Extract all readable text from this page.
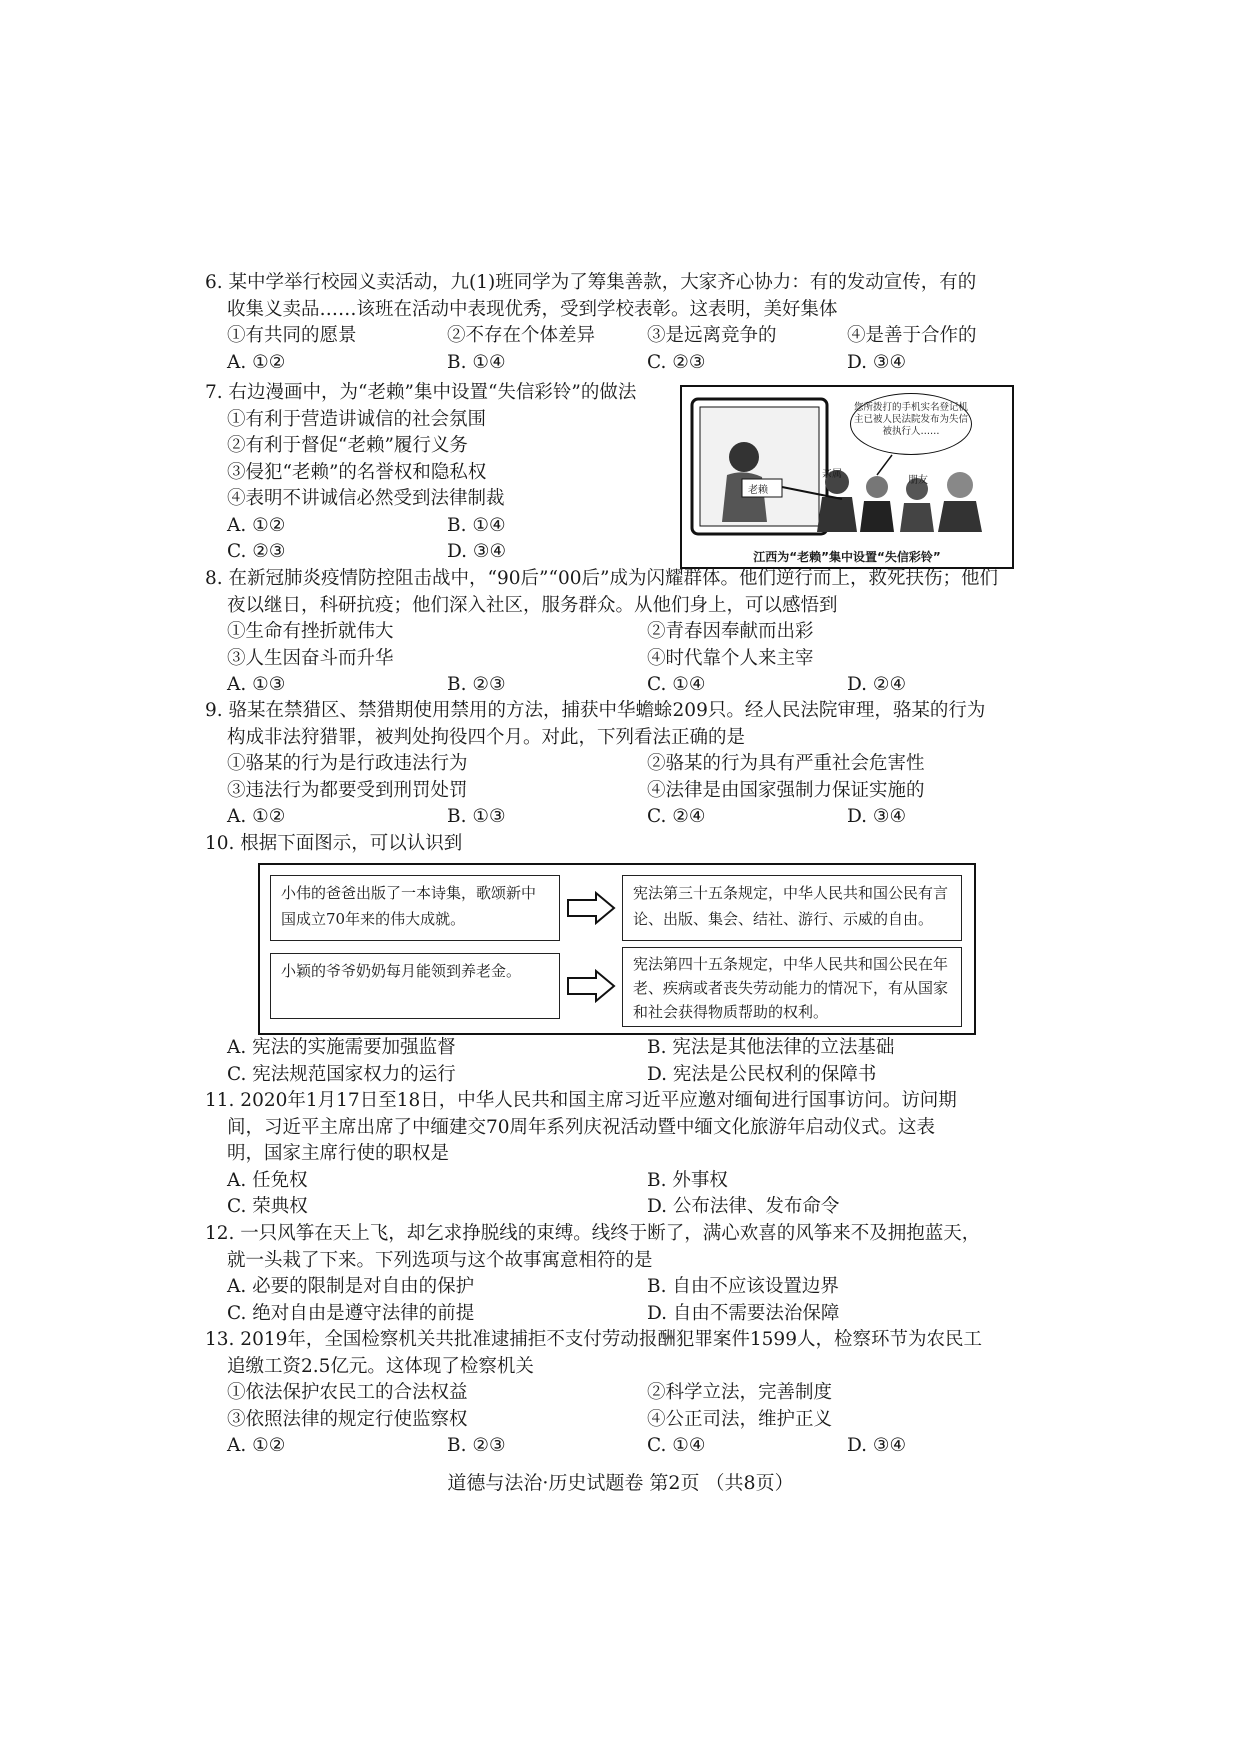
6. 某中学举行校园义卖活动，九(1)班同学为了筹集善款，大家齐心协力：有的发动宣传，有的
收集义卖品……该班在活动中表现优秀，受到学校表彰。这表明，美好集体
①有共同的愿景	②不存在个体差异	③是远离竞争的	④是善于合作的
A. ①②	B. ①④	C. ②③	D. ③④
7. 右边漫画中，为“老赖”集中设置“失信彩铃”的做法
①有利于营造讲诚信的社会氛围
②有利于督促“老赖”履行义务
③侵犯“老赖”的名誉权和隐私权
④表明不讲诚信必然受到法律制裁
A. ①②	B. ①④
C. ②③	D. ③④
您所拨打的手机实名登记机主已被人民法院发布为失信被执行人……
亲属
朋友
老赖
江西为“老赖”集中设置“失信彩铃”
8. 在新冠肺炎疫情防控阻击战中，“90后”“00后”成为闪耀群体。他们逆行而上，救死扶伤；他们
夜以继日，科研抗疫；他们深入社区，服务群众。从他们身上，可以感悟到
①生命有挫折就伟大	②青春因奉献而出彩
③人生因奋斗而升华	④时代靠个人来主宰
A. ①③	B. ②③	C. ①④	D. ②④
9. 骆某在禁猎区、禁猎期使用禁用的方法，捕获中华蟾蜍209只。经人民法院审理，骆某的行为
构成非法狩猎罪，被判处拘役四个月。对此，下列看法正确的是
①骆某的行为是行政违法行为	②骆某的行为具有严重社会危害性
③违法行为都要受到刑罚处罚	④法律是由国家强制力保证实施的
A. ①②	B. ①③	C. ②④	D. ③④
10. 根据下面图示，可以认识到
小伟的爸爸出版了一本诗集，歌颂新中国成立70年来的伟大成就。
宪法第三十五条规定，中华人民共和国公民有言论、出版、集会、结社、游行、示威的自由。
小颖的爷爷奶奶每月能领到养老金。	宪法第四十五条规定，中华人民共和国公民在年老、疾病或者丧失劳动能力的情况下，有从国家和社会获得物质帮助的权利。
A. 宪法的实施需要加强监督	B. 宪法是其他法律的立法基础
C. 宪法规范国家权力的运行	D. 宪法是公民权利的保障书
11. 2020年1月17日至18日，中华人民共和国主席习近平应邀对缅甸进行国事访问。访问期
间，习近平主席出席了中缅建交70周年系列庆祝活动暨中缅文化旅游年启动仪式。这表
明，国家主席行使的职权是
A. 任免权	B. 外事权
C. 荣典权	D. 公布法律、发布命令
12. 一只风筝在天上飞，却乞求挣脱线的束缚。线终于断了，满心欢喜的风筝来不及拥抱蓝天，
就一头栽了下来。下列选项与这个故事寓意相符的是
A. 必要的限制是对自由的保护	B. 自由不应该设置边界
C. 绝对自由是遵守法律的前提	D. 自由不需要法治保障
13. 2019年，全国检察机关共批准逮捕拒不支付劳动报酬犯罪案件1599人，检察环节为农民工
追缴工资2.5亿元。这体现了检察机关
①依法保护农民工的合法权益	②科学立法，完善制度
③依照法律的规定行使监察权	④公正司法，维护正义
A. ①②	B. ②③	C. ①④	D. ③④
道德与法治·历史试题卷 第2页 （共8页）
